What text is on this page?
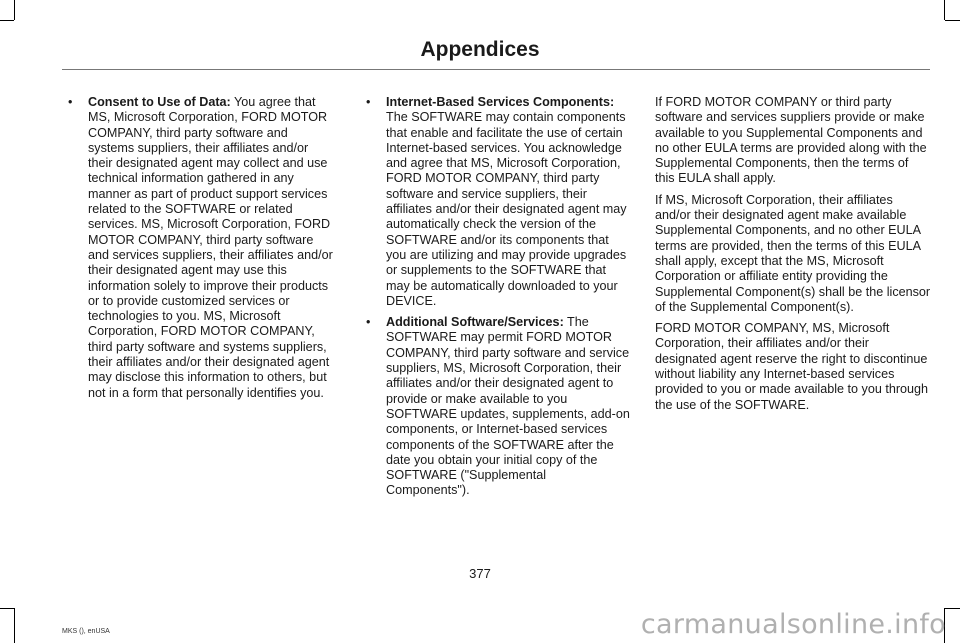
Appendices
• Consent to Use of Data: You agree that MS, Microsoft Corporation, FORD MOTOR COMPANY, third party software and systems suppliers, their affiliates and/or their designated agent may collect and use technical information gathered in any manner as part of product support services related to the SOFTWARE or related services. MS, Microsoft Corporation, FORD MOTOR COMPANY, third party software and services suppliers, their affiliates and/or their designated agent may use this information solely to improve their products or to provide customized services or technologies to you. MS, Microsoft Corporation, FORD MOTOR COMPANY, third party software and systems suppliers, their affiliates and/or their designated agent may disclose this information to others, but not in a form that personally identifies you.
• Internet-Based Services Components: The SOFTWARE may contain components that enable and facilitate the use of certain Internet-based services. You acknowledge and agree that MS, Microsoft Corporation, FORD MOTOR COMPANY, third party software and service suppliers, their affiliates and/or their designated agent may automatically check the version of the SOFTWARE and/or its components that you are utilizing and may provide upgrades or supplements to the SOFTWARE that may be automatically downloaded to your DEVICE.
• Additional Software/Services: The SOFTWARE may permit FORD MOTOR COMPANY, third party software and service suppliers, MS, Microsoft Corporation, their affiliates and/or their designated agent to provide or make available to you SOFTWARE updates, supplements, add-on components, or Internet-based services components of the SOFTWARE after the date you obtain your initial copy of the SOFTWARE ("Supplemental Components").

If FORD MOTOR COMPANY or third party software and services suppliers provide or make available to you Supplemental Components and no other EULA terms are provided along with the Supplemental Components, then the terms of this EULA shall apply.

If MS, Microsoft Corporation, their affiliates and/or their designated agent make available Supplemental Components, and no other EULA terms are provided, then the terms of this EULA shall apply, except that the MS, Microsoft Corporation or affiliate entity providing the Supplemental Component(s) shall be the licensor of the Supplemental Component(s).

FORD MOTOR COMPANY, MS, Microsoft Corporation, their affiliates and/or their designated agent reserve the right to discontinue without liability any Internet-based services provided to you or made available to you through the use of the SOFTWARE.

377
MKS (), enUSA	carmanualsonline.info
